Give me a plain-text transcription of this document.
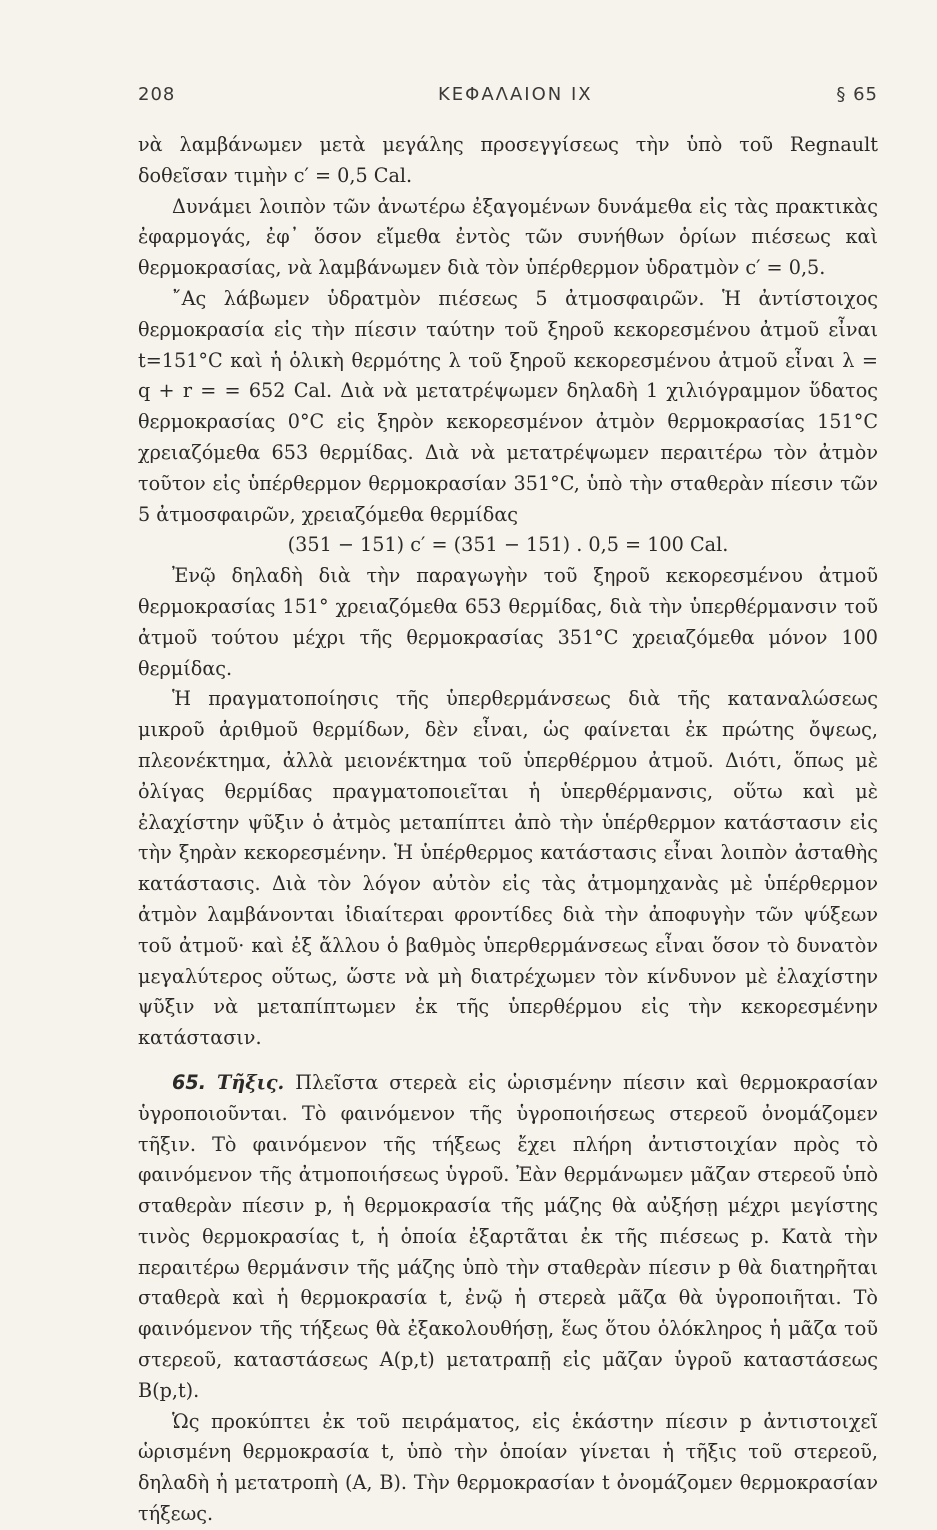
208	ΚΕΦΑΛΑΙΟΝ IX	§ 65

νὰ λαμβάνωμεν μετὰ μεγάλης προσεγγίσεως τὴν ὑπὸ τοῦ Regnault δοθεῖσαν τιμὴν c′ = 0,5 Cal.

Δυνάμει λοιπὸν τῶν ἀνωτέρω ἐξαγομένων δυνάμεθα εἰς τὰς πρακτικὰς ἐφαρμογάς, ἐφ᾽ ὅσον εἴμεθα ἐντὸς τῶν συνήθων ὁρίων πιέσεως καὶ θερμοκρασίας, νὰ λαμβάνωμεν διὰ τὸν ὑπέρθερμον ὑδρατμὸν c′ = 0,5.

῎Ας λάβωμεν ὑδρατμὸν πιέσεως 5 ἀτμοσφαιρῶν. Ἡ ἀντίστοιχος θερμοκρασία εἰς τὴν πίεσιν ταύτην τοῦ ξηροῦ κεκορεσμένου ἀτμοῦ εἶναι t=151°C καὶ ἡ ὁλικὴ θερμότης λ τοῦ ξηροῦ κεκορεσμένου ἀτμοῦ εἶναι λ = q + r = = 652 Cal. Διὰ νὰ μετατρέψωμεν δηλαδὴ 1 χιλιόγραμμον ὕδατος θερμοκρασίας 0°C εἰς ξηρὸν κεκορεσμένον ἀτμὸν θερμοκρασίας 151°C χρειαζόμεθα 653 θερμίδας. Διὰ νὰ μετατρέψωμεν περαιτέρω τὸν ἀτμὸν τοῦτον εἰς ὑπέρθερμον θερμοκρασίαν 351°C, ὑπὸ τὴν σταθερὰν πίεσιν τῶν 5 ἀτμοσφαιρῶν, χρειαζόμεθα θερμίδας

(351 − 151) c′ = (351 − 151) . 0,5 = 100 Cal.

Ἐνῷ δηλαδὴ διὰ τὴν παραγωγὴν τοῦ ξηροῦ κεκορεσμένου ἀτμοῦ θερμοκρασίας 151° χρειαζόμεθα 653 θερμίδας, διὰ τὴν ὑπερθέρμανσιν τοῦ ἀτμοῦ τούτου μέχρι τῆς θερμοκρασίας 351°C χρειαζόμεθα μόνον 100 θερμίδας.

Ἡ πραγματοποίησις τῆς ὑπερθερμάνσεως διὰ τῆς καταναλώσεως μικροῦ ἀριθμοῦ θερμίδων, δὲν εἶναι, ὡς φαίνεται ἐκ πρώτης ὄψεως, πλεονέκτημα, ἀλλὰ μειονέκτημα τοῦ ὑπερθέρμου ἀτμοῦ. Διότι, ὅπως μὲ ὀλίγας θερμίδας πραγματοποιεῖται ἡ ὑπερθέρμανσις, οὕτω καὶ μὲ ἐλαχίστην ψῦξιν ὁ ἀτμὸς μεταπίπτει ἀπὸ τὴν ὑπέρθερμον κατάστασιν εἰς τὴν ξηρὰν κεκορεσμένην. Ἡ ὑπέρθερμος κατάστασις εἶναι λοιπὸν ἀσταθὴς κατάστασις. Διὰ τὸν λόγον αὐτὸν εἰς τὰς ἀτμομηχανὰς μὲ ὑπέρθερμον ἀτμὸν λαμβάνονται ἰδιαίτεραι φροντίδες διὰ τὴν ἀποφυγὴν τῶν ψύξεων τοῦ ἀτμοῦ· καὶ ἐξ ἄλλου ὁ βαθμὸς ὑπερθερμάνσεως εἶναι ὅσον τὸ δυνατὸν μεγαλύτερος οὕτως, ὥστε νὰ μὴ διατρέχωμεν τὸν κίνδυνον μὲ ἐλαχίστην ψῦξιν νὰ μεταπίπτωμεν ἐκ τῆς ὑπερθέρμου εἰς τὴν κεκορεσμένην κατάστασιν.

65. Τῆξις. Πλεῖστα στερεὰ εἰς ὡρισμένην πίεσιν καὶ θερμοκρασίαν ὑγροποιοῦνται. Τὸ φαινόμενον τῆς ὑγροποιήσεως στερεοῦ ὀνομάζομεν τῆξιν. Τὸ φαινόμενον τῆς τήξεως ἔχει πλήρη ἀντιστοιχίαν πρὸς τὸ φαινόμενον τῆς ἀτμοποιήσεως ὑγροῦ. Ἐὰν θερμάνωμεν μᾶζαν στερεοῦ ὑπὸ σταθερὰν πίεσιν p, ἡ θερμοκρασία τῆς μάζης θὰ αὐξήσῃ μέχρι μεγίστης τινὸς θερμοκρασίας t, ἡ ὁποία ἐξαρτᾶται ἐκ τῆς πιέσεως p. Κατὰ τὴν περαιτέρω θερμάνσιν τῆς μάζης ὑπὸ τὴν σταθερὰν πίεσιν p θὰ διατηρῆται σταθερὰ καὶ ἡ θερμοκρασία t, ἐνῷ ἡ στερεὰ μᾶζα θὰ ὑγροποιῆται. Τὸ φαινόμενον τῆς τήξεως θὰ ἐξακολουθήσῃ, ἕως ὅτου ὁλόκληρος ἡ μᾶζα τοῦ στερεοῦ, καταστάσεως A(p,t) μετατραπῇ εἰς μᾶζαν ὑγροῦ καταστάσεως B(p,t).

Ὡς προκύπτει ἐκ τοῦ πειράματος, εἰς ἑκάστην πίεσιν p ἀντιστοιχεῖ ὡρισμένη θερμοκρασία t, ὑπὸ τὴν ὁποίαν γίνεται ἡ τῆξις τοῦ στερεοῦ, δηλαδὴ ἡ μετατροπὴ (A, B). Τὴν θερμοκρασίαν t ὀνομάζομεν θερμοκρασίαν τήξεως.
